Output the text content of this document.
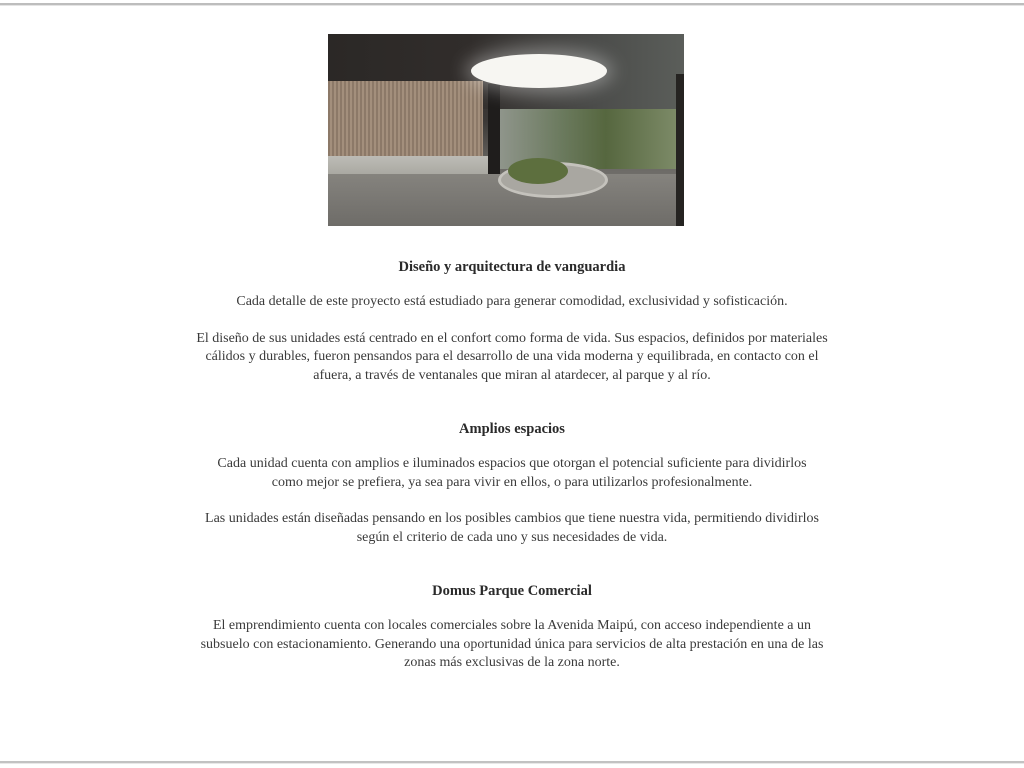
Diseño y arquitectura de vanguardia

Cada detalle de este proyecto está estudiado para generar comodidad, exclusividad y sofisticación.

El diseño de sus unidades está centrado en el confort como forma de vida. Sus espacios, definidos por materiales cálidos y durables, fueron pensandos para el desarrollo de una vida moderna y equilibrada, en contacto con el afuera, a través de ventanales que miran al atardecer, al parque y al río.

Amplios espacios

Cada unidad cuenta con amplios e iluminados espacios que otorgan el potencial suficiente para dividirlos como mejor se prefiera, ya sea para vivir en ellos, o para utilizarlos profesionalmente.

Las unidades están diseñadas pensando en los posibles cambios que tiene nuestra vida, permitiendo dividirlos según el criterio de cada uno y sus necesidades de vida.

Domus Parque Comercial

El emprendimiento cuenta con locales comerciales sobre la Avenida Maipú, con acceso independiente a un subsuelo con estacionamiento. Generando una oportunidad única para servicios de alta prestación en una de las zonas más exclusivas de la zona norte.
